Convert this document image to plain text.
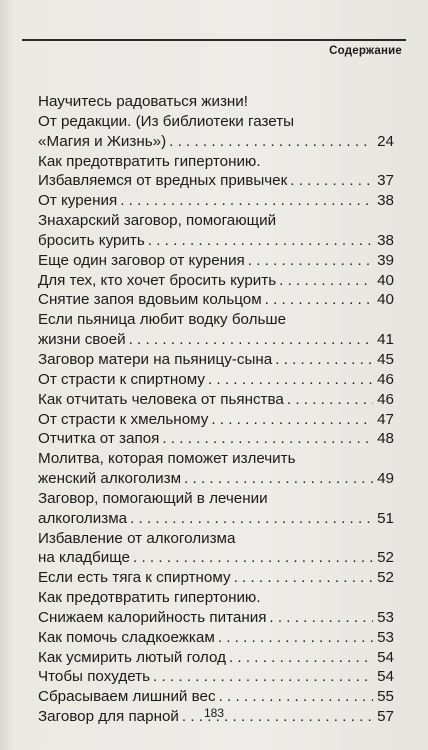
Содержание
Научитесь радоваться жизни!
От редакции. (Из библиотеки газеты
«Магия и Жизнь») . . .	24
Как предотвратить гипертонию.
Избавляемся от вредных привычек . . .	37
От курения . . .	38
Знахарский заговор, помогающий
бросить курить . . .	38
Еще один заговор от курения . . .	39
Для тех, кто хочет бросить курить . . .	40
Снятие запоя вдовьим кольцом . . .	40
Если пьяница любит водку больше
жизни своей . . .	41
Заговор матери на пьяницу-сына . . .	45
От страсти к спиртному . . .	46
Как отчитать человека от пьянства . . .	46
От страсти к хмельному . . .	47
Отчитка от запоя . . .	48
Молитва, которая поможет излечить
женский алкоголизм . . .	49
Заговор, помогающий в лечении
алкоголизма . . .	51
Избавление от алкоголизма
на кладбище . . .	52
Если есть тяга к спиртному . . .	52
Как предотвратить гипертонию.
Снижаем калорийность питания . . .	53
Как помочь сладкоежкам . . .	53
Как усмирить лютый голод . . .	54
Чтобы похудеть . . .	54
Сбрасываем лишний вес . . .	55
Заговор для парной . . .	57
183
